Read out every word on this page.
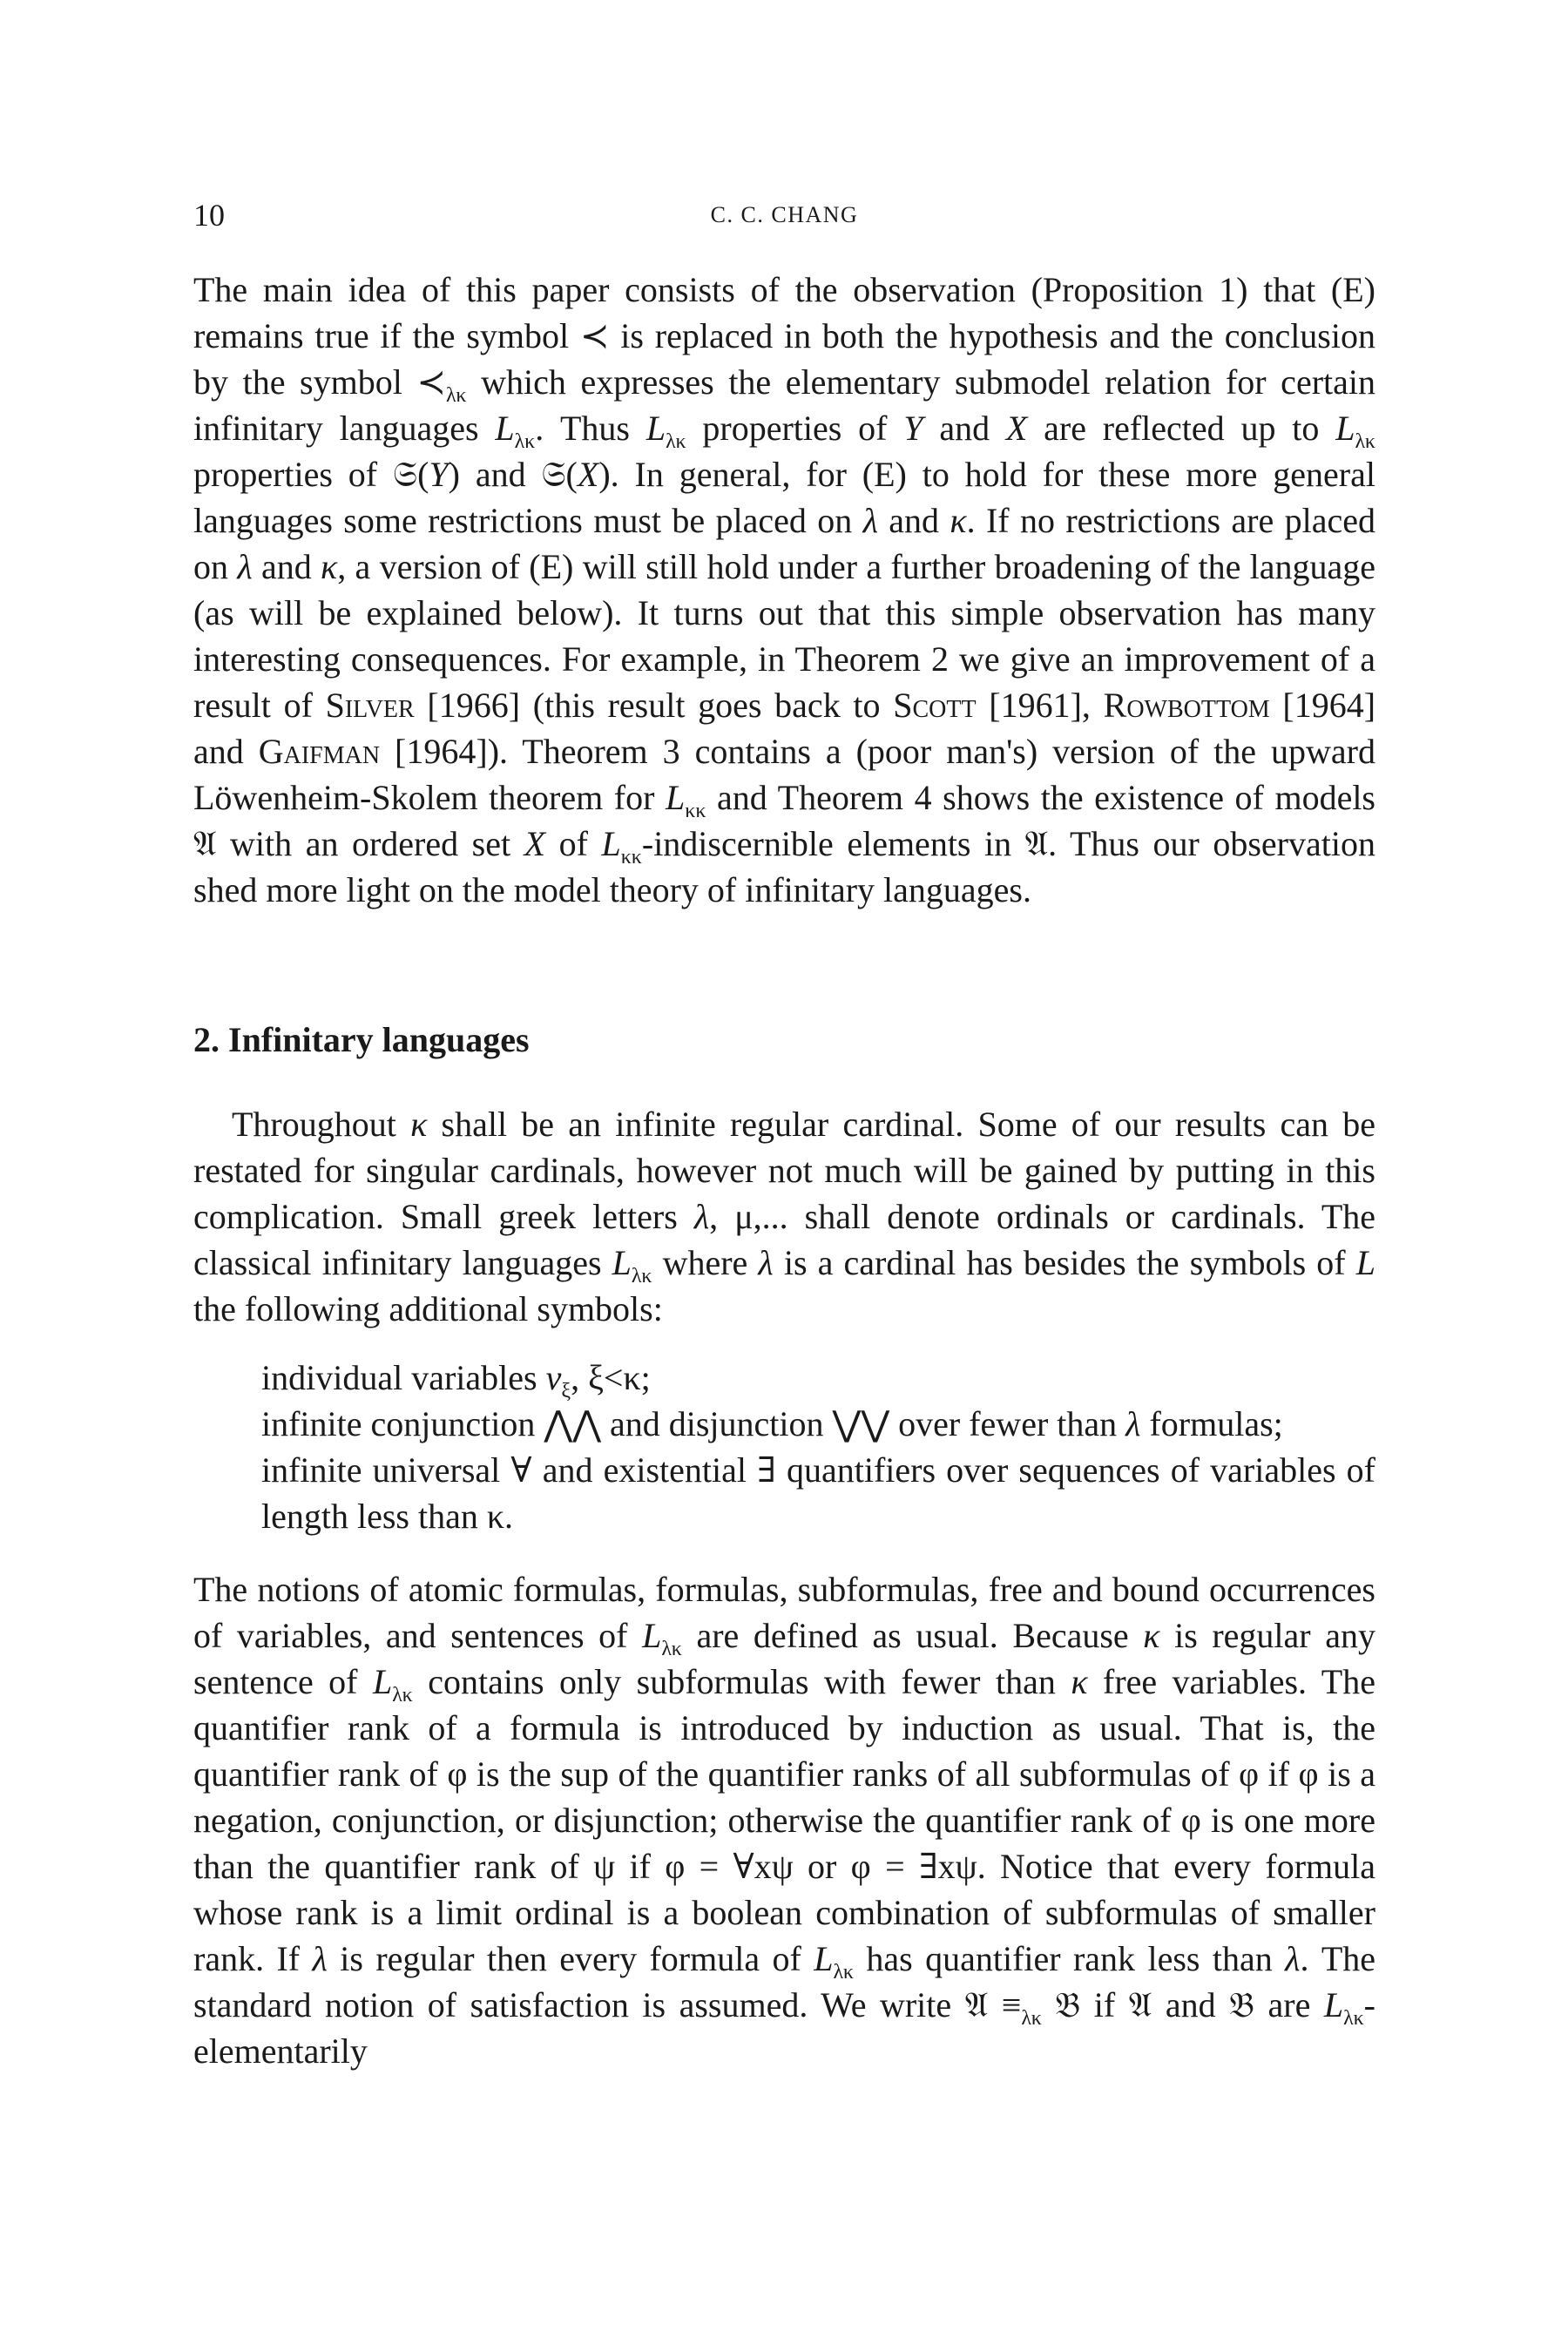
10	C. C. CHANG

The main idea of this paper consists of the observation (Proposition 1) that (E) remains true if the symbol ≺ is replaced in both the hypothesis and the conclusion by the symbol $≺_{\lambda\kappa}$ which expresses the elementary submodel relation for certain infinitary languages $L_{\lambda\kappa}$. Thus $L_{\lambda\kappa}$ properties of Y and X are reflected up to $L_{\lambda\kappa}$ properties of 𝔖(Y) and 𝔖(X). In general, for (E) to hold for these more general languages some restrictions must be placed on λ and κ. If no restrictions are placed on λ and κ, a version of (E) will still hold under a further broadening of the language (as will be explained below). It turns out that this simple observation has many interesting consequences. For example, in Theorem 2 we give an improvement of a result of Silver [1966] (this result goes back to Scott [1961], Rowbottom [1964] and Gaifman [1964]). Theorem 3 contains a (poor man's) version of the upward Löwenheim-Skolem theorem for $L_{\kappa\kappa}$ and Theorem 4 shows the existence of models 𝔄 with an ordered set X of $L_{\kappa\kappa}$-indiscernible elements in 𝔄. Thus our observation shed more light on the model theory of infinitary languages.

2. Infinitary languages

Throughout κ shall be an infinite regular cardinal. Some of our results can be restated for singular cardinals, however not much will be gained by putting in this complication. Small greek letters λ, μ,... shall denote ordinals or cardinals. The classical infinitary languages $L_{\lambda\kappa}$ where λ is a cardinal has besides the symbols of L the following additional symbols:

individual variables $v_\xi$, ξ<κ;
infinite conjunction ⋀⋀ and disjunction ⋁⋁ over fewer than λ formulas;
infinite universal ∀ and existential ∃ quantifiers over sequences of variables of length less than κ.

The notions of atomic formulas, formulas, subformulas, free and bound occurrences of variables, and sentences of $L_{\lambda\kappa}$ are defined as usual. Because κ is regular any sentence of $L_{\lambda\kappa}$ contains only subformulas with fewer than κ free variables. The quantifier rank of a formula is introduced by induction as usual. That is, the quantifier rank of φ is the sup of the quantifier ranks of all subformulas of φ if φ is a negation, conjunction, or disjunction; otherwise the quantifier rank of φ is one more than the quantifier rank of ψ if φ = ∀xψ or φ = ∃xψ. Notice that every formula whose rank is a limit ordinal is a boolean combination of subformulas of smaller rank. If λ is regular then every formula of $L_{\lambda\kappa}$ has quantifier rank less than λ. The standard notion of satisfaction is assumed. We write 𝔄 $\equiv_{\lambda\kappa}$ 𝔅 if 𝔄 and 𝔅 are $L_{\lambda\kappa}$-elementarily
